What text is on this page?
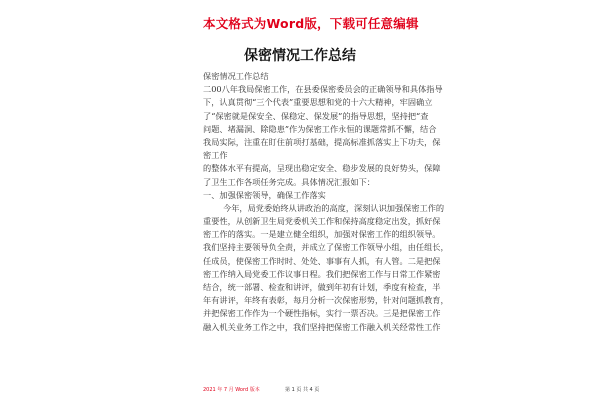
本文格式为Word版，下载可任意编辑
保密情况工作总结
保密情况工作总结
二00八年我局保密工作，在县委保密委员会的正确领导和具体指导
下，认真贯彻“三个代表”重要思想和党的十六大精神，牢固确立
了“保密就是保安全、保稳定、保发展”的指导思想，坚持把“查
问题、堵漏洞、除隐患”作为保密工作永恒的课题常抓不懈，结合
我局实际，注重在盯住前项打基础，提高标准抓落实上下功夫，保
密工作
的整体水平有提高，呈现出稳定安全、稳步发展的良好势头，保障
了卫生工作各项任务完成。具体情况汇报如下：
一、加强保密领导，确保工作落实
今年，局党委始终从讲政治的高度，深刻认识加强保密工作的
重要性，从创新卫生局党委机关工作和保持高度稳定出发，抓好保
密工作的落实。一是建立健全组织，加强对保密工作的组织领导。
我们坚持主要领导负全责，并成立了保密工作领导小组，由任组长，
任成员，使保密工作时时、处处、事事有人抓，有人管。二是把保
密工作纳入局党委工作议事日程。我们把保密工作与日常工作紧密
结合，统一部署、检查和讲评，做到年初有计划，季度有检查，半
年有讲评，年终有表彰，每月分析一次保密形势，针对问题抓教育，
并把保密工作作为一个硬性指标，实行一票否决。三是把保密工作
融入机关业务工作之中，我们坚持把保密工作融入机关经常性工作
2021 年 7 月 Word 版本	第 1 页 共 4 页
